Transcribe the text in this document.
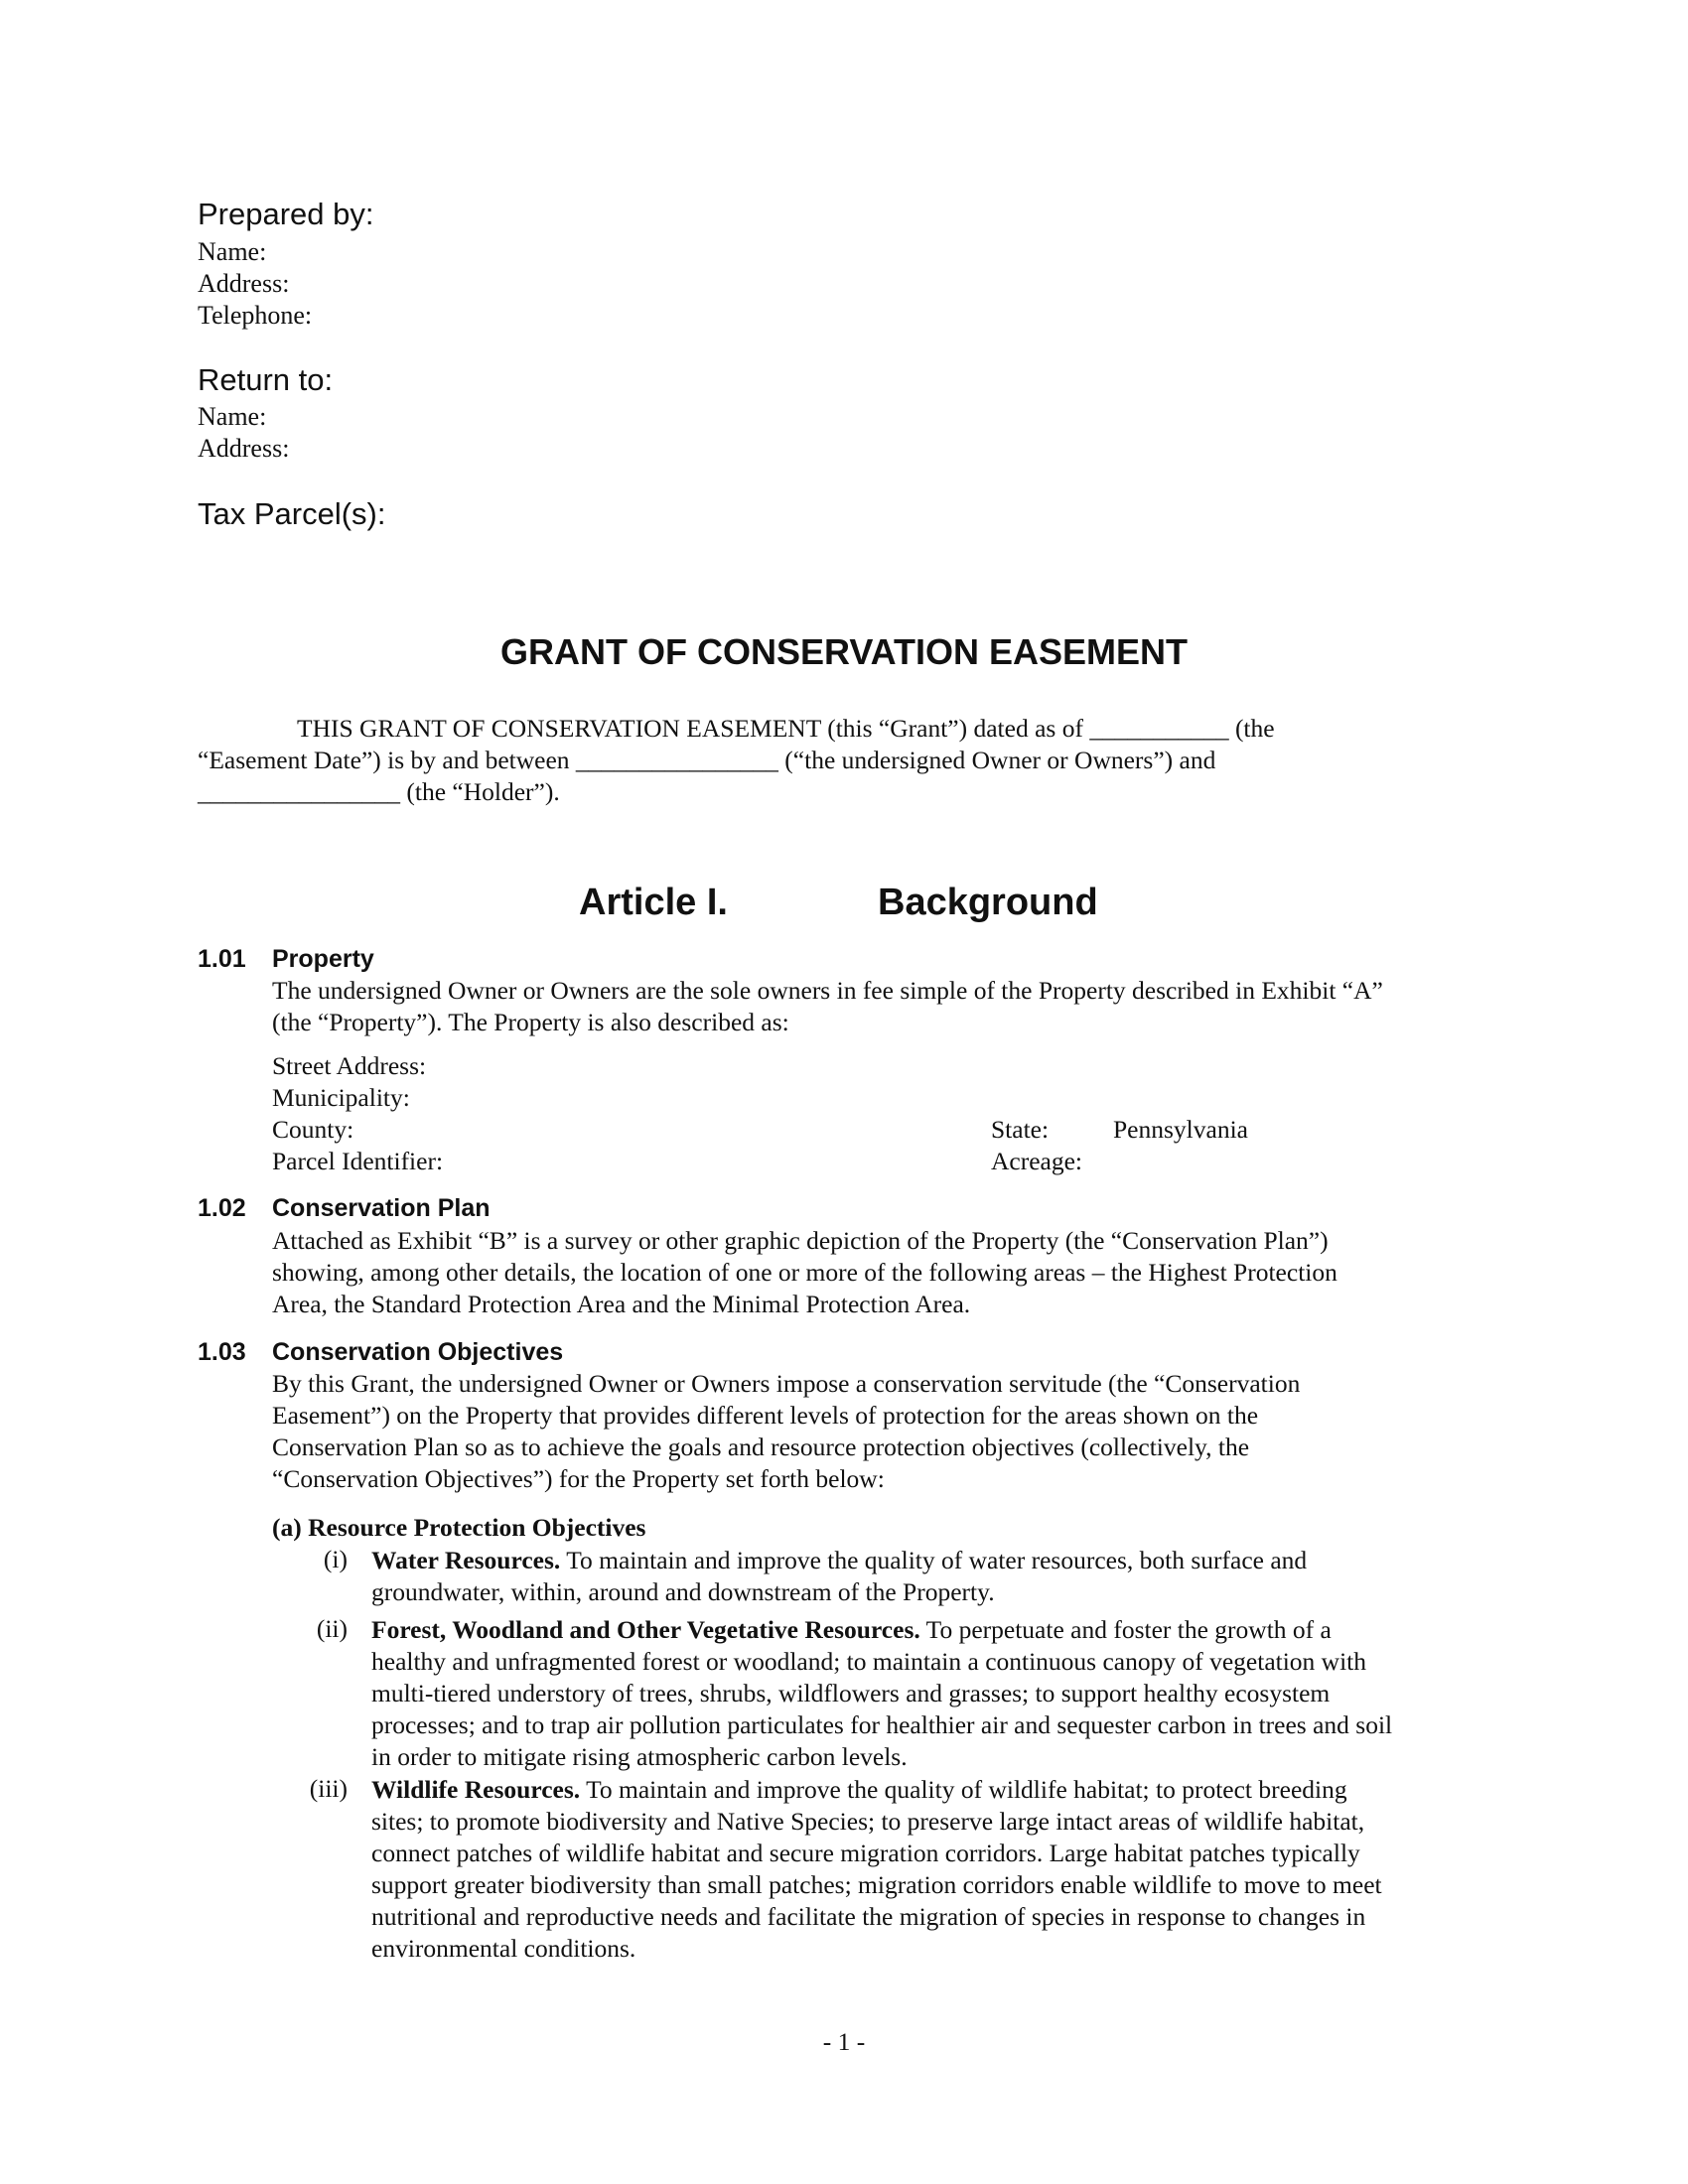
Prepared by:
Name:
Address:
Telephone:
Return to:
Name:
Address:
Tax Parcel(s):
GRANT OF CONSERVATION EASEMENT
THIS GRANT OF CONSERVATION EASEMENT (this “Grant”) dated as of ___________ (the
“Easement Date”) is by and between ________________ (“the undersigned Owner or Owners”) and
________________ (the “Holder”).
Article I.	Background
1.01 Property

The undersigned Owner or Owners are the sole owners in fee simple of the Property described in Exhibit “A”

(the “Property”). The Property is also described as:

Street Address:
Municipality:
County:
Parcel Identifier:
State:	Pennsylvania
Acreage:
1.02 Conservation Plan

Attached as Exhibit “B” is a survey or other graphic depiction of the Property (the “Conservation Plan”)

showing, among other details, the location of one or more of the following areas – the Highest Protection

Area, the Standard Protection Area and the Minimal Protection Area.

1.03 Conservation Objectives

By this Grant, the undersigned Owner or Owners impose a conservation servitude (the “Conservation

Easement”) on the Property that provides different levels of protection for the areas shown on the

Conservation Plan so as to achieve the goals and resource protection objectives (collectively, the

“Conservation Objectives”) for the Property set forth below:

(a) Resource Protection Objectives
(i) Water Resources. To maintain and improve the quality of water resources, both surface and
groundwater, within, around and downstream of the Property.
(ii) Forest, Woodland and Other Vegetative Resources. To perpetuate and foster the growth of a
healthy and unfragmented forest or woodland; to maintain a continuous canopy of vegetation with
multi-tiered understory of trees, shrubs, wildflowers and grasses; to support healthy ecosystem
processes; and to trap air pollution particulates for healthier air and sequester carbon in trees and soil
in order to mitigate rising atmospheric carbon levels.
(iii) Wildlife Resources. To maintain and improve the quality of wildlife habitat; to protect breeding
sites; to promote biodiversity and Native Species; to preserve large intact areas of wildlife habitat,
connect patches of wildlife habitat and secure migration corridors. Large habitat patches typically
support greater biodiversity than small patches; migration corridors enable wildlife to move to meet
nutritional and reproductive needs and facilitate the migration of species in response to changes in
environmental conditions.
- 1 -
